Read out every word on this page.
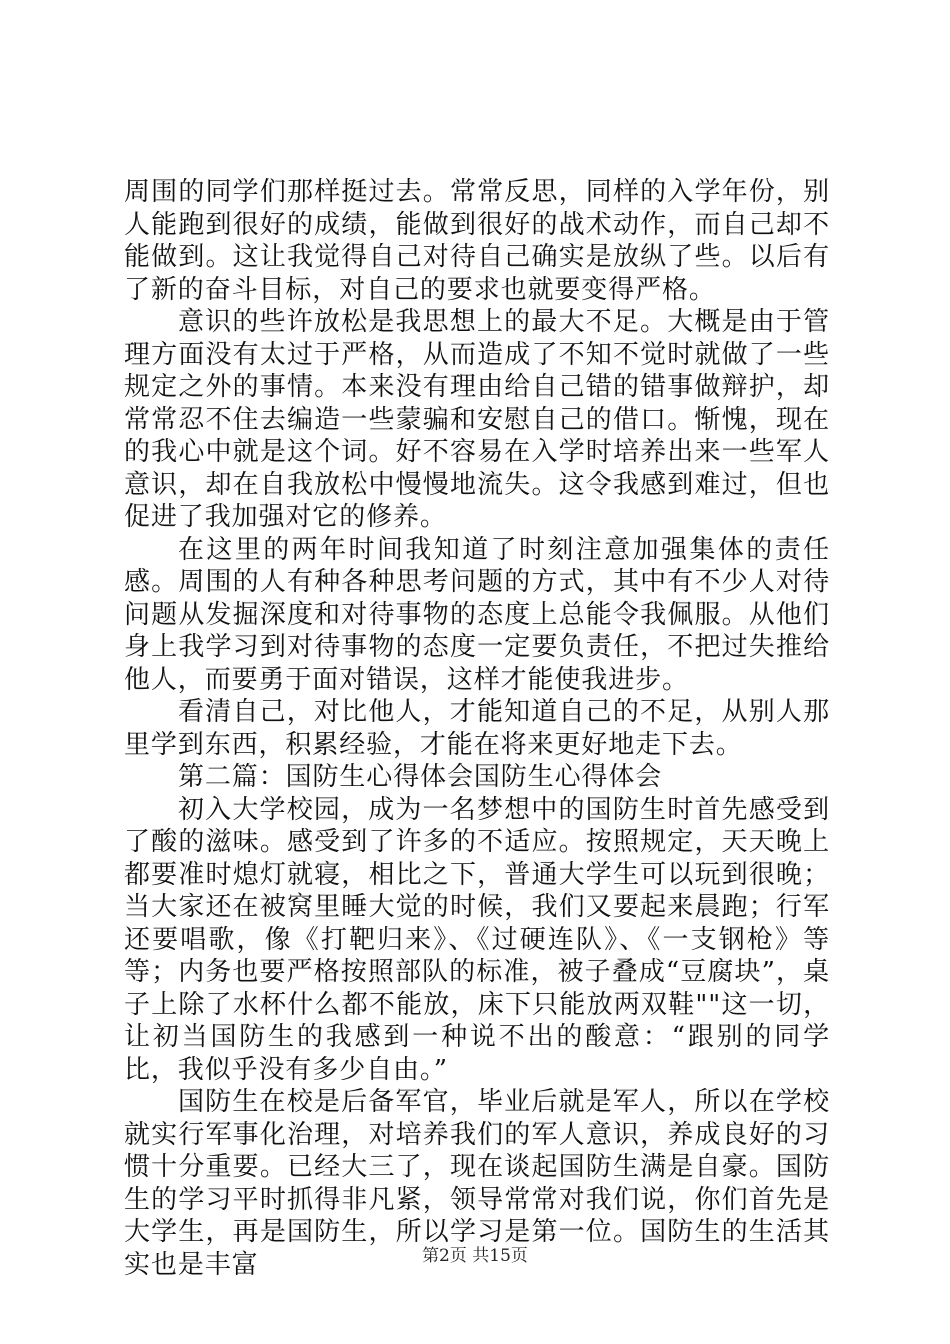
周围的同学们那样挺过去。常常反思，同样的入学年份，别人能跑到很好的成绩，能做到很好的战术动作，而自己却不能做到。这让我觉得自己对待自己确实是放纵了些。以后有了新的奋斗目标，对自己的要求也就要变得严格。

意识的些许放松是我思想上的最大不足。大概是由于管理方面没有太过于严格，从而造成了不知不觉时就做了一些规定之外的事情。本来没有理由给自己错的错事做辩护，却常常忍不住去编造一些蒙骗和安慰自己的借口。惭愧，现在的我心中就是这个词。好不容易在入学时培养出来一些军人意识，却在自我放松中慢慢地流失。这令我感到难过，但也促进了我加强对它的修养。

在这里的两年时间我知道了时刻注意加强集体的责任感。周围的人有种各种思考问题的方式，其中有不少人对待问题从发掘深度和对待事物的态度上总能令我佩服。从他们身上我学习到对待事物的态度一定要负责任，不把过失推给他人，而要勇于面对错误，这样才能使我进步。

看清自己，对比他人，才能知道自己的不足，从别人那里学到东西，积累经验，才能在将来更好地走下去。

第二篇：国防生心得体会国防生心得体会

初入大学校园，成为一名梦想中的国防生时首先感受到了酸的滋味。感受到了许多的不适应。按照规定，天天晚上都要准时熄灯就寝，相比之下，普通大学生可以玩到很晚；当大家还在被窝里睡大觉的时候，我们又要起来晨跑；行军还要唱歌，像《打靶归来》、《过硬连队》、《一支钢枪》等等；内务也要严格按照部队的标准，被子叠成“豆腐块”，桌子上除了水杯什么都不能放，床下只能放两双鞋""这一切，让初当国防生的我感到一种说不出的酸意：“跟别的同学比，我似乎没有多少自由。”

国防生在校是后备军官，毕业后就是军人，所以在学校就实行军事化治理，对培养我们的军人意识，养成良好的习惯十分重要。已经大三了，现在谈起国防生满是自豪。国防生的学习平时抓得非凡紧，领导常常对我们说，你们首先是大学生，再是国防生，所以学习是第一位。国防生的生活其实也是丰富	第2页 共15页
